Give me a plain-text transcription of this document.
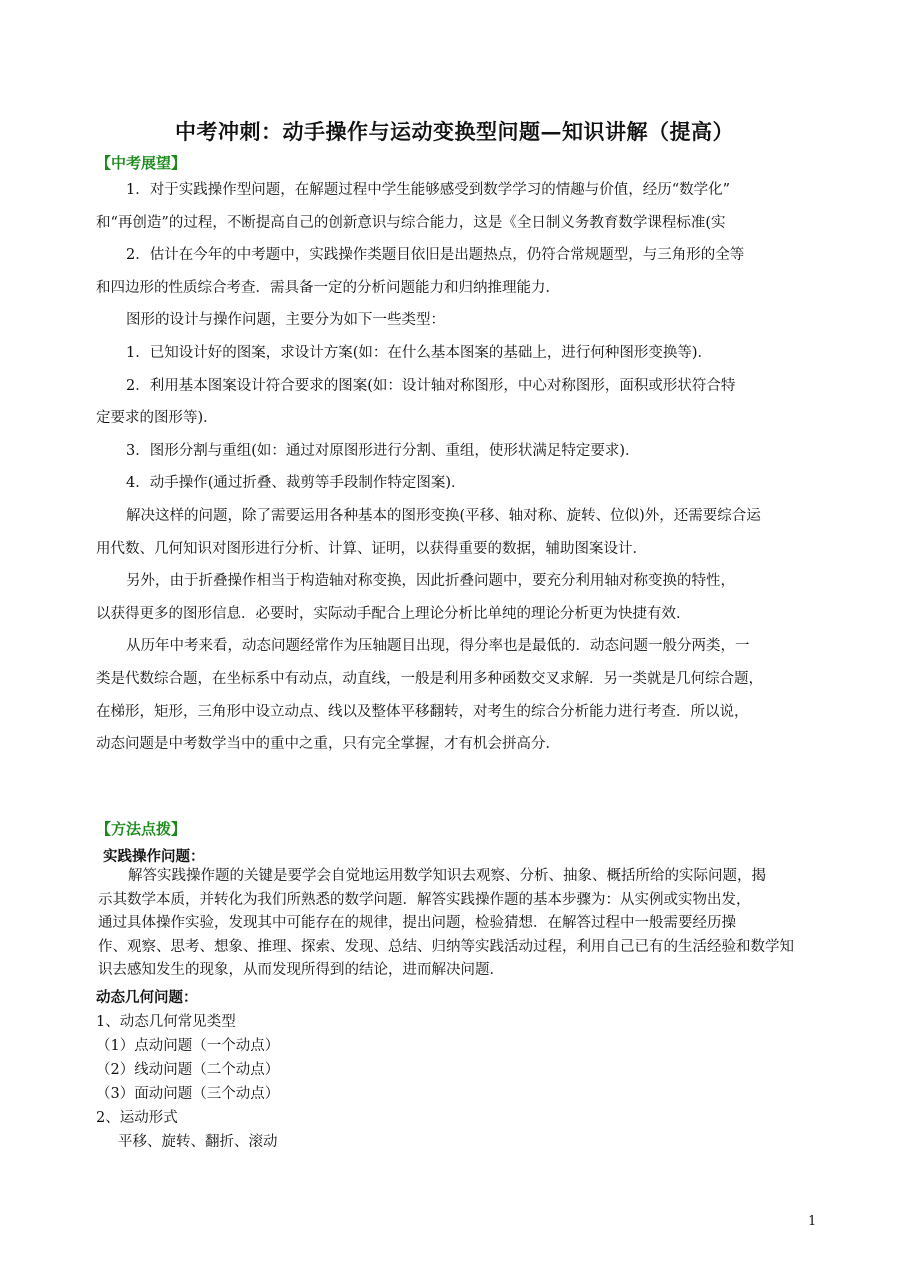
中考冲刺：动手操作与运动变换型问题—知识讲解（提高）
【中考展望】

1．对于实践操作型问题，在解题过程中学生能够感受到数学学习的情趣与价值，经历“数学化”

和“再创造”的过程，不断提高自己的创新意识与综合能力，这是《全日制义务教育数学课程标准(实

2．估计在今年的中考题中，实践操作类题目依旧是出题热点，仍符合常规题型，与三角形的全等

和四边形的性质综合考查．需具备一定的分析问题能力和归纳推理能力．

图形的设计与操作问题，主要分为如下一些类型：

1．已知设计好的图案，求设计方案(如：在什么基本图案的基础上，进行何种图形变换等)．

2．利用基本图案设计符合要求的图案(如：设计轴对称图形，中心对称图形，面积或形状符合特

定要求的图形等)．

3．图形分割与重组(如：通过对原图形进行分割、重组，使形状满足特定要求)．

4．动手操作(通过折叠、裁剪等手段制作特定图案)．

解决这样的问题，除了需要运用各种基本的图形变换(平移、轴对称、旋转、位似)外，还需要综合运

用代数、几何知识对图形进行分析、计算、证明，以获得重要的数据，辅助图案设计．

另外，由于折叠操作相当于构造轴对称变换，因此折叠问题中，要充分利用轴对称变换的特性，

以获得更多的图形信息．必要时，实际动手配合上理论分析比单纯的理论分析更为快捷有效．

从历年中考来看，动态问题经常作为压轴题目出现，得分率也是最低的．动态问题一般分两类，一

类是代数综合题，在坐标系中有动点，动直线，一般是利用多种函数交叉求解．另一类就是几何综合题，

在梯形，矩形，三角形中设立动点、线以及整体平移翻转，对考生的综合分析能力进行考查．所以说，

动态问题是中考数学当中的重中之重，只有完全掌握，才有机会拼高分．

【方法点拨】
实践操作问题：

解答实践操作题的关键是要学会自觉地运用数学知识去观察、分析、抽象、概括所给的实际问题，揭

示其数学本质，并转化为我们所熟悉的数学问题．解答实践操作题的基本步骤为：从实例或实物出发，

通过具体操作实验，发现其中可能存在的规律，提出问题，检验猜想．在解答过程中一般需要经历操

作、观察、思考、想象、推理、探索、发现、总结、归纳等实践活动过程，利用自己已有的生活经验和数学知

识去感知发生的现象，从而发现所得到的结论，进而解决问题．

动态几何问题：

1、动态几何常见类型

（1）点动问题（一个动点）

（2）线动问题（二个动点）

（3）面动问题（三个动点）

2、运动形式

平移、旋转、翻折、滚动

1
